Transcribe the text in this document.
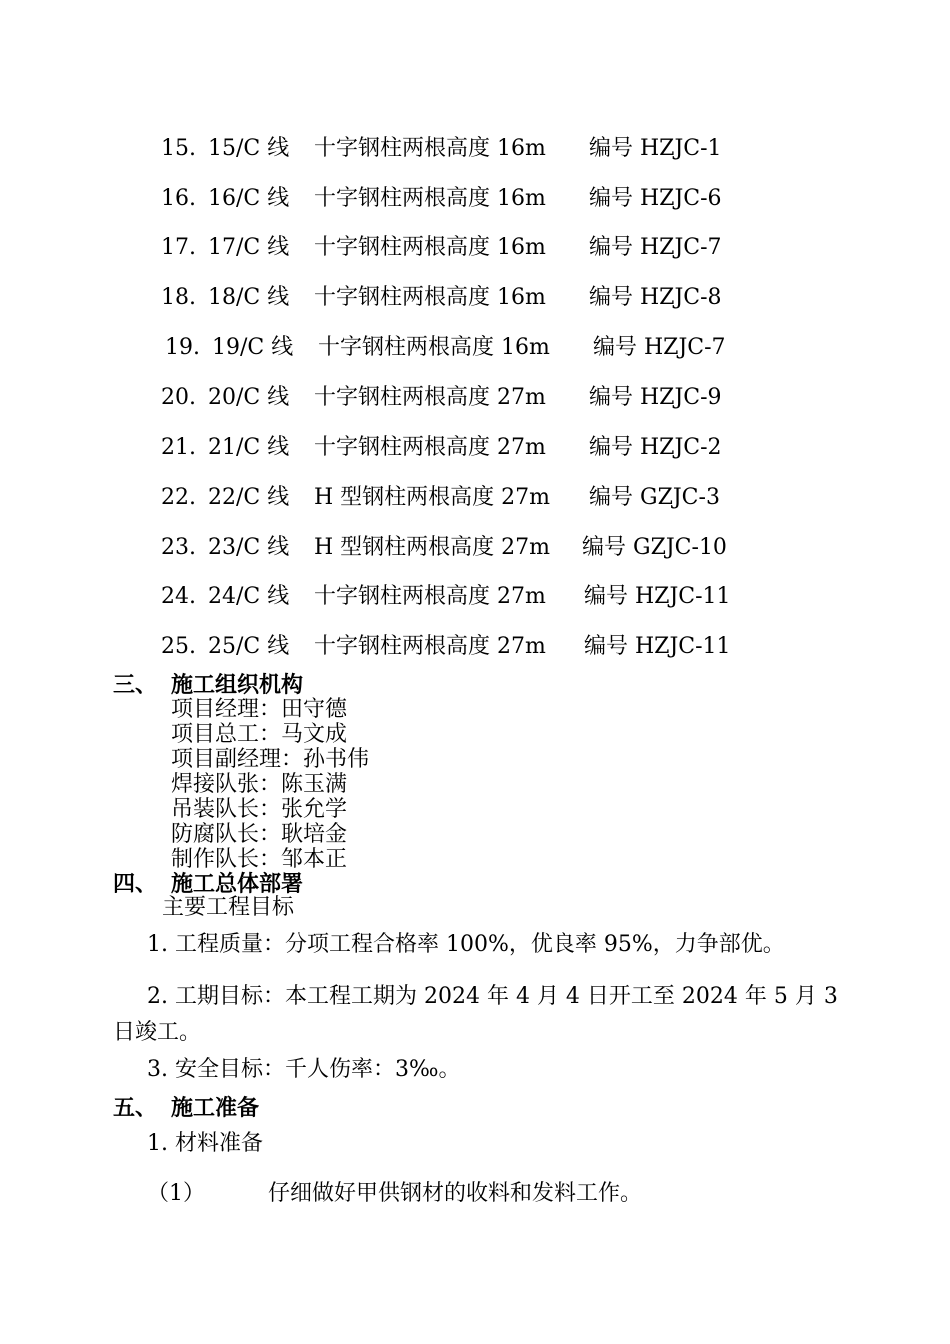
15. 15/C 线 十字钢柱两根高度 16m 编号 HZJC-1
16. 16/C 线 十字钢柱两根高度 16m 编号 HZJC-6
17. 17/C 线 十字钢柱两根高度 16m 编号 HZJC-7
18. 18/C 线 十字钢柱两根高度 16m 编号 HZJC-8
19. 19/C 线 十字钢柱两根高度 16m 编号 HZJC-7
20. 20/C 线 十字钢柱两根高度 27m 编号 HZJC-9
21. 21/C 线 十字钢柱两根高度 27m 编号 HZJC-2
22. 22/C 线 H 型钢柱两根高度 27m 编号 GZJC-3
23. 23/C 线 H 型钢柱两根高度 27m 编号 GZJC-10
24. 24/C 线 十字钢柱两根高度 27m 编号 HZJC-11
25. 25/C 线 十字钢柱两根高度 27m 编号 HZJC-11
三、 施工组织机构
项目经理：田守德
项目总工：马文成
项目副经理：孙书伟
焊接队张：陈玉满
吊装队长：张允学
防腐队长：耿培金
制作队长：邹本正
四、 施工总体部署
主要工程目标
1. 工程质量：分项工程合格率 100%，优良率 95%，力争部优。
2. 工期目标：本工程工期为 2024 年 4 月 4 日开工至 2024 年 5 月 3
日竣工。
3. 安全目标：千人伤率：3‰。
五、 施工准备
1. 材料准备
（1）	仔细做好甲供钢材的收料和发料工作。
